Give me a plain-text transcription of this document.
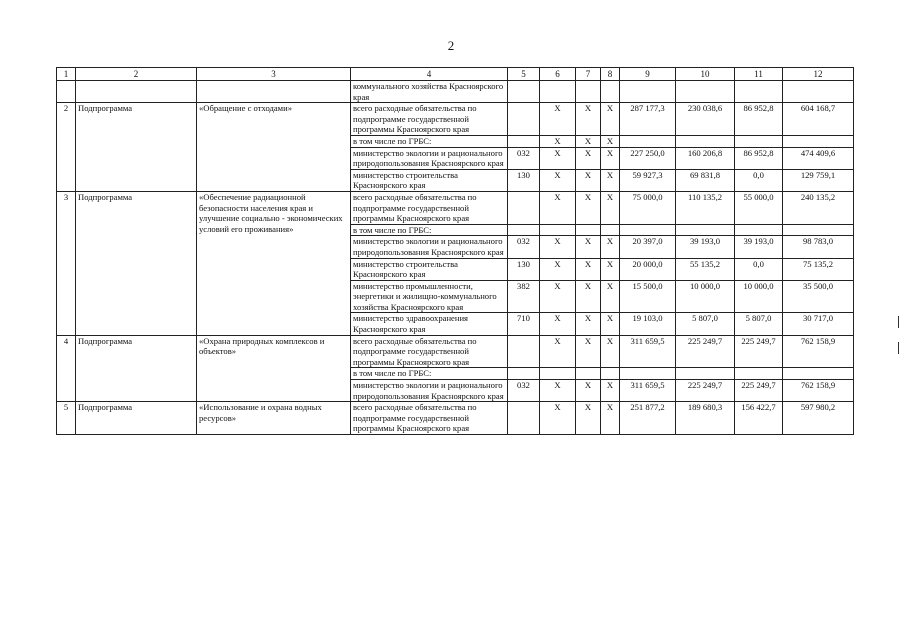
2
1	2	3	4	5	6	7	8	9	10	11	12
			коммунального хозяйства Красноярского края								
2	Подпрограмма	«Обращение с отходами»	всего расходные обязательства по подпрограмме государственной программы Красноярского края		Х	Х	Х	287 177,3	230 038,6	86 952,8	604 168,7
			в том числе по ГРБС:		Х	Х	Х				
			министерство экологии и рационального природопользования Красноярского края	032	Х	Х	Х	227 250,0	160 206,8	86 952,8	474 409,6
			министерство строительства Красноярского края	130	Х	Х	Х	59 927,3	69 831,8	0,0	129 759,1
3	Подпрограмма	«Обеспечение радиационной безопасности населения края и улучшение социально - экономических условий его проживания»	всего расходные обязательства по подпрограмме государственной программы Красноярского края		Х	Х	Х	75 000,0	110 135,2	55 000,0	240 135,2
			в том числе по ГРБС:								
			министерство экологии и рационального природопользования Красноярского края	032	Х	Х	Х	20 397,0	39 193,0	39 193,0	98 783,0
			министерство строительства Красноярского края	130	Х	Х	Х	20 000,0	55 135,2	0,0	75 135,2
			министерство промышленности, энергетики и жилищно-коммунального хозяйства Красноярского края	382	Х	Х	Х	15 500,0	10 000,0	10 000,0	35 500,0
			министерство здравоохранения Красноярского края	710	Х	Х	Х	19 103,0	5 807,0	5 807,0	30 717,0
4	Подпрограмма	«Охрана природных комплексов и объектов»	всего расходные обязательства по подпрограмме государственной программы Красноярского края		Х	Х	Х	311 659,5	225 249,7	225 249,7	762 158,9
			в том числе по ГРБС:								
			министерство экологии и рационального природопользования Красноярского края	032	Х	Х	Х	311 659,5	225 249,7	225 249,7	762 158,9
5	Подпрограмма	«Использование и охрана водных ресурсов»	всего расходные обязательства по подпрограмме государственной программы Красноярского края		Х	Х	Х	251 877,2	189 680,3	156 422,7	597 980,2
